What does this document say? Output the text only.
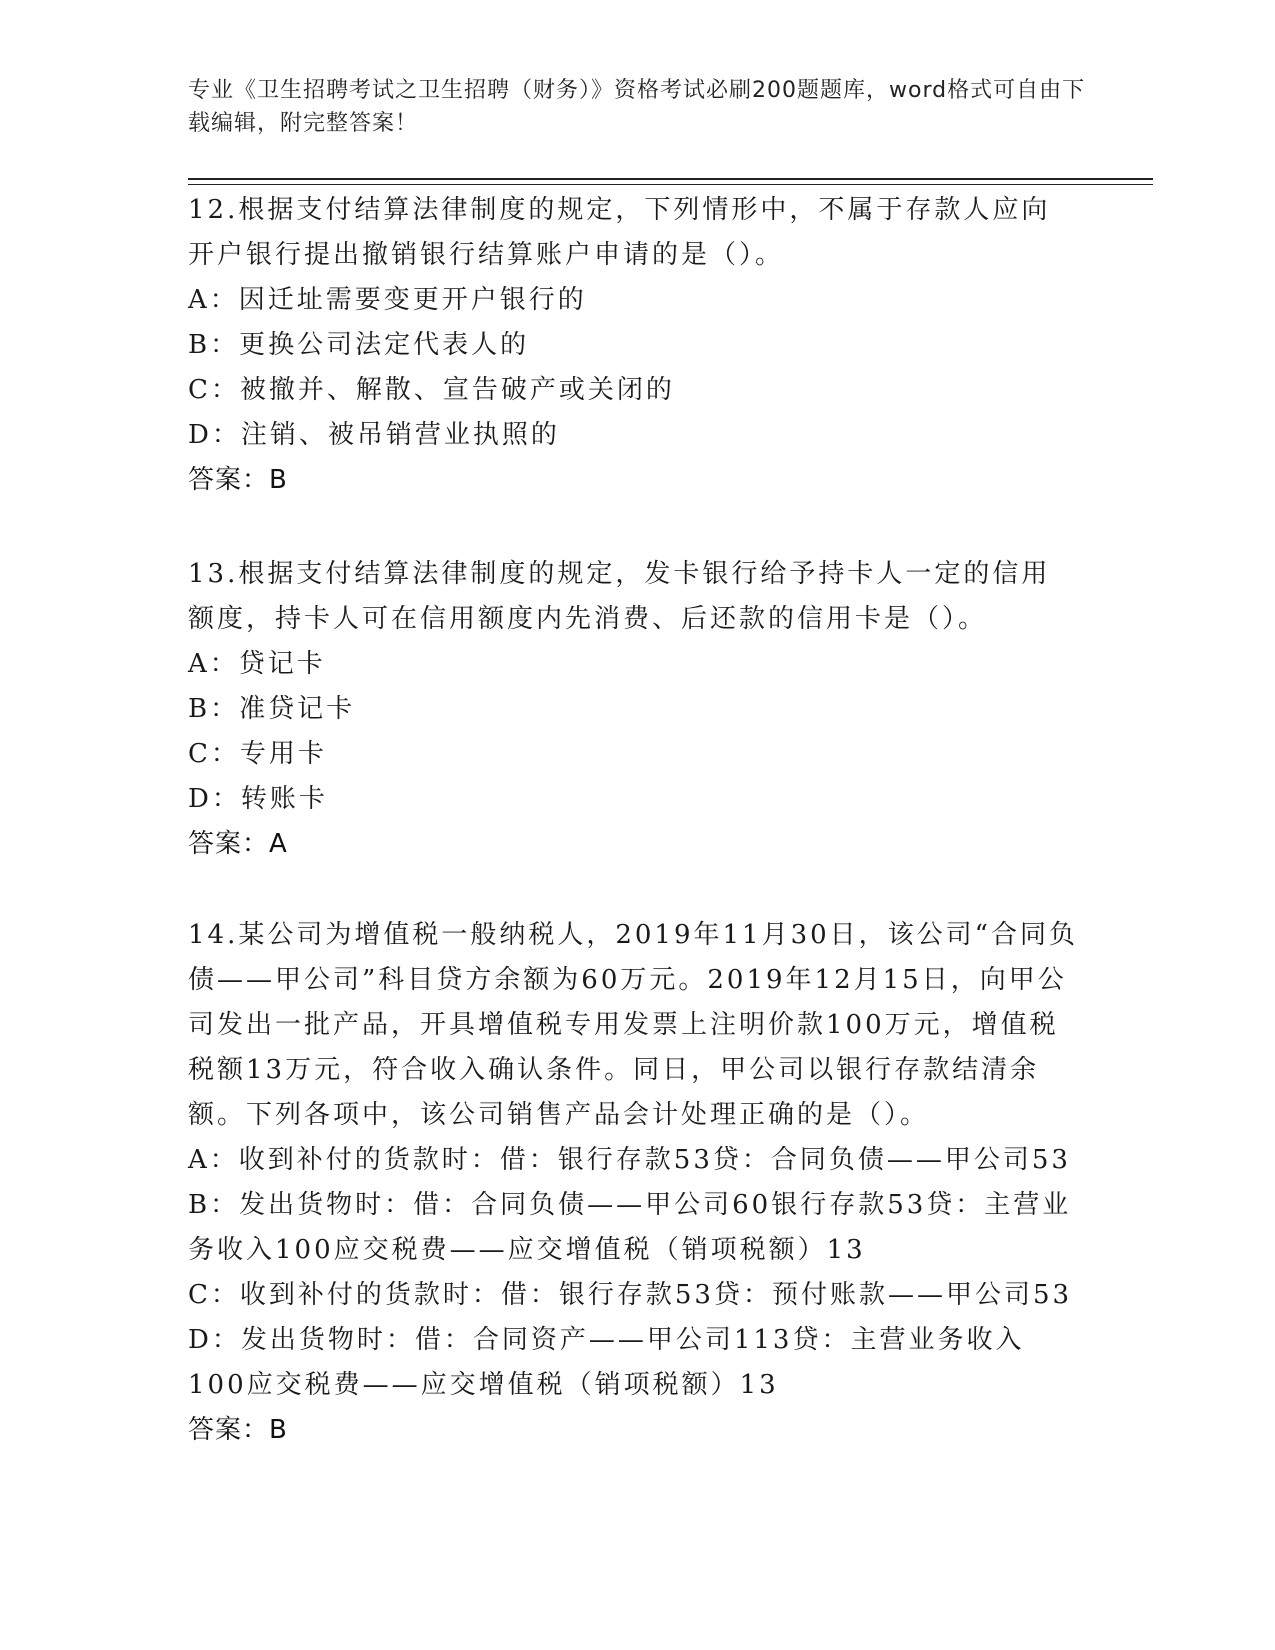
专业《卫生招聘考试之卫生招聘（财务）》资格考试必刷200题题库，word格式可自由下载编辑，附完整答案！

12.根据支付结算法律制度的规定，下列情形中，不属于存款人应向开户银行提出撤销银行结算账户申请的是（）。

A：因迁址需要变更开户银行的

B：更换公司法定代表人的

C：被撤并、解散、宣告破产或关闭的

D：注销、被吊销营业执照的

答案：B

13.根据支付结算法律制度的规定，发卡银行给予持卡人一定的信用额度，持卡人可在信用额度内先消费、后还款的信用卡是（）。

A：贷记卡

B：准贷记卡

C：专用卡

D：转账卡

答案：A

14.某公司为增值税一般纳税人，2019年11月30日，该公司“合同负债——甲公司”科目贷方余额为60万元。2019年12月15日，向甲公司发出一批产品，开具增值税专用发票上注明价款100万元，增值税税额13万元，符合收入确认条件。同日，甲公司以银行存款结清余额。下列各项中，该公司销售产品会计处理正确的是（）。

A：收到补付的货款时：借：银行存款53贷：合同负债——甲公司53

B：发出货物时：借：合同负债——甲公司60银行存款53贷：主营业务收入100应交税费——应交增值税（销项税额）13

C：收到补付的货款时：借：银行存款53贷：预付账款——甲公司53

D：发出货物时：借：合同资产——甲公司113贷：主营业务收入100应交税费——应交增值税（销项税额）13

答案：B
